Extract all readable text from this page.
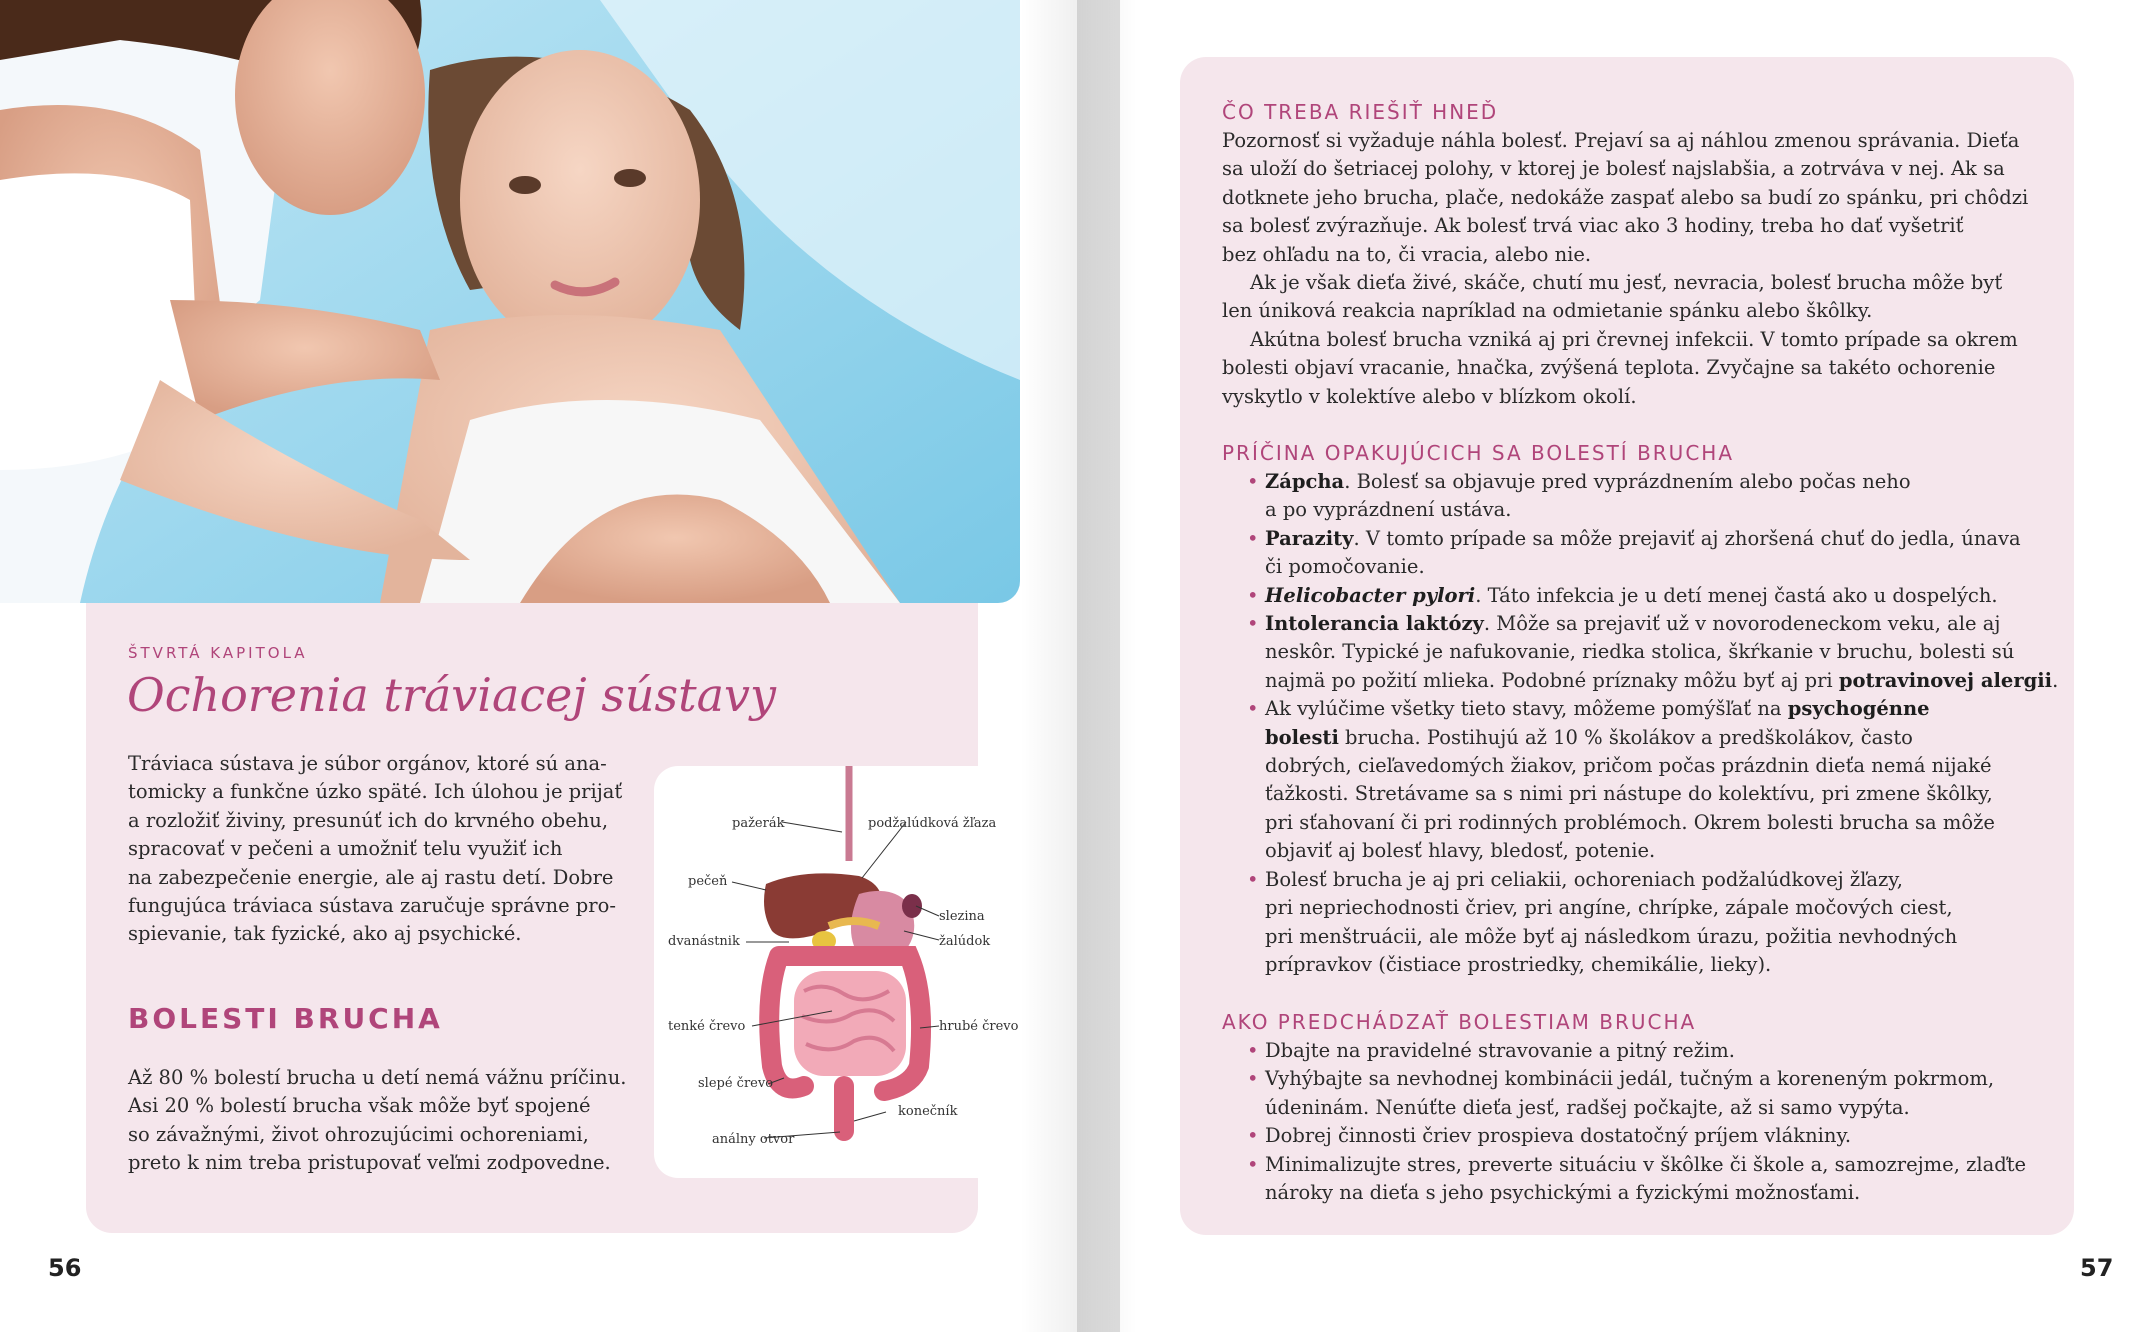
ŠTVRTÁ KAPITOLA
Ochorenia tráviacej sústavy
Tráviaca sústava je súbor orgánov, ktoré sú ana-
tomicky a funkčne úzko späté. Ich úlohou je prijať
a rozložiť živiny, presunúť ich do krvného obehu,
spracovať v pečeni a umožniť telu využiť ich
na zabezpečenie energie, ale aj rastu detí. Dobre
fungujúca tráviaca sústava zaručuje správne pro-
spievanie, tak fyzické, ako aj psychické.
BOLESTI BRUCHA
Až 80 % bolestí brucha u detí nemá vážnu príčinu.
Asi 20 % bolestí brucha však môže byť spojené
so závažnými, život ohrozujúcimi ochoreniami,
preto k nim treba pristupovať veľmi zodpovedne.
pažerák	podžalúdková žľaza
pečeň
slezina
dvanástnik	žalúdok
tenké črevo	hrubé črevo
slepé črevo
konečník
análny otvor
56
ČO TREBA RIEŠIŤ HNEĎ
Pozornosť si vyžaduje náhla bolesť. Prejaví sa aj náhlou zmenou správania. Dieťa
sa uloží do šetriacej polohy, v ktorej je bolesť najslabšia, a zotrváva v nej. Ak sa
dotknete jeho brucha, plače, nedokáže zaspať alebo sa budí zo spánku, pri chôdzi
sa bolesť zvýrazňuje. Ak bolesť trvá viac ako 3 hodiny, treba ho dať vyšetriť
bez ohľadu na to, či vracia, alebo nie.
Ak je však dieťa živé, skáče, chutí mu jesť, nevracia, bolesť brucha môže byť
len úniková reakcia napríklad na odmietanie spánku alebo škôlky.
Akútna bolesť brucha vzniká aj pri črevnej infekcii. V tomto prípade sa okrem
bolesti objaví vracanie, hnačka, zvýšená teplota. Zvyčajne sa takéto ochorenie
vyskytlo v kolektíve alebo v blízkom okolí.
PRÍČINA OPAKUJÚCICH SA BOLESTÍ BRUCHA
• Zápcha. Bolesť sa objavuje pred vyprázdnením alebo počas neho
a po vyprázdnení ustáva.
• Parazity. V tomto prípade sa môže prejaviť aj zhoršená chuť do jedla, únava
či pomočovanie.
• Helicobacter pylori. Táto infekcia je u detí menej častá ako u dospelých.
• Intolerancia laktózy. Môže sa prejaviť už v novorodeneckom veku, ale aj
neskôr. Typické je nafukovanie, riedka stolica, škŕkanie v bruchu, bolesti sú
najmä po požití mlieka. Podobné príznaky môžu byť aj pri potravinovej alergii.
• Ak vylúčime všetky tieto stavy, môžeme pomýšľať na psychogénne
bolesti brucha. Postihujú až 10 % školákov a predškolákov, často
dobrých, cieľavedomých žiakov, pričom počas prázdnin dieťa nemá nijaké
ťažkosti. Stretávame sa s nimi pri nástupe do kolektívu, pri zmene škôlky,
pri sťahovaní či pri rodinných problémoch. Okrem bolesti brucha sa môže
objaviť aj bolesť hlavy, bledosť, potenie.
• Bolesť brucha je aj pri celiakii, ochoreniach podžalúdkovej žľazy,
pri nepriechodnosti čriev, pri angíne, chrípke, zápale močových ciest,
pri menštruácii, ale môže byť aj následkom úrazu, požitia nevhodných
prípravkov (čistiace prostriedky, chemikálie, lieky).
AKO PREDCHÁDZAŤ BOLESTIAM BRUCHA
• Dbajte na pravidelné stravovanie a pitný režim.
• Vyhýbajte sa nevhodnej kombinácii jedál, tučným a koreneným pokrmom,
údeninám. Nenúťte dieťa jesť, radšej počkajte, až si samo vypýta.
• Dobrej činnosti čriev prospieva dostatočný príjem vlákniny.
• Minimalizujte stres, preverte situáciu v škôlke či škole a, samozrejme, zlaďte
nároky na dieťa s jeho psychickými a fyzickými možnosťami.
57
